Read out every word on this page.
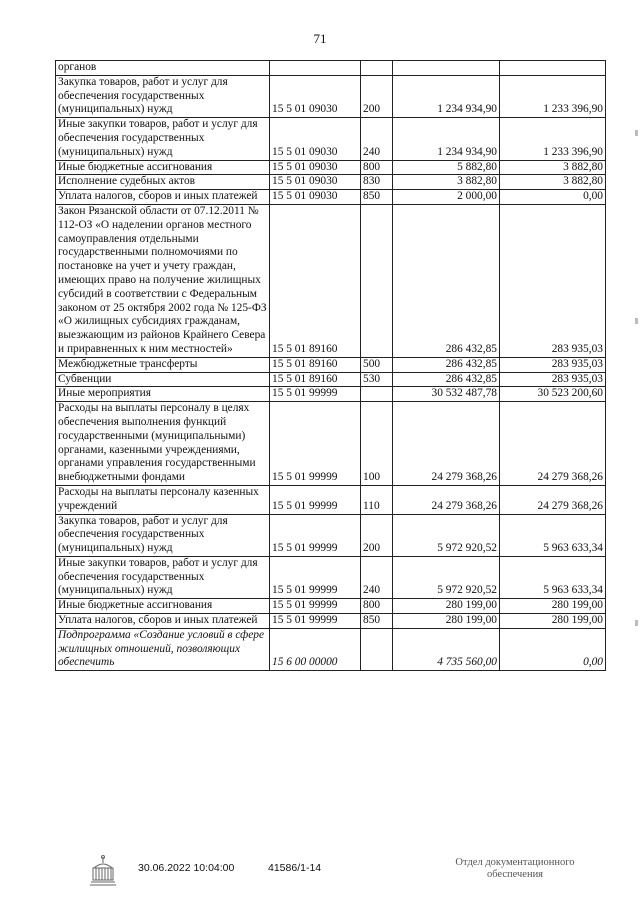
71
органов				
Закупка товаров, работ и услуг для обеспечения государственных (муниципальных) нужд	15 5 01 09030	200	1 234 934,90	1 233 396,90
Иные закупки товаров, работ и услуг для обеспечения государственных (муниципальных) нужд	15 5 01 09030	240	1 234 934,90	1 233 396,90
Иные бюджетные ассигнования	15 5 01 09030	800	5 882,80	3 882,80
Исполнение судебных актов	15 5 01 09030	830	3 882,80	3 882,80
Уплата налогов, сборов и иных платежей	15 5 01 09030	850	2 000,00	0,00
Закон Рязанской области от 07.12.2011 № 112-ОЗ «О наделении органов местного самоуправления отдельными государственными полномочиями по постановке на учет и учету граждан, имеющих право на получение жилищных субсидий в соответствии с Федеральным законом от 25 октября 2002 года № 125-ФЗ «О жилищных субсидиях гражданам, выезжающим из районов Крайнего Севера и приравненных к ним местностей»	15 5 01 89160		286 432,85	283 935,03
Межбюджетные трансферты	15 5 01 89160	500	286 432,85	283 935,03
Субвенции	15 5 01 89160	530	286 432,85	283 935,03
Иные мероприятия	15 5 01 99999		30 532 487,78	30 523 200,60
Расходы на выплаты персоналу в целях обеспечения выполнения функций государственными (муниципальными) органами, казенными учреждениями, органами управления государственными внебюджетными фондами	15 5 01 99999	100	24 279 368,26	24 279 368,26
Расходы на выплаты персоналу казенных учреждений	15 5 01 99999	110	24 279 368,26	24 279 368,26
Закупка товаров, работ и услуг для обеспечения государственных (муниципальных) нужд	15 5 01 99999	200	5 972 920,52	5 963 633,34
Иные закупки товаров, работ и услуг для обеспечения государственных (муниципальных) нужд	15 5 01 99999	240	5 972 920,52	5 963 633,34
Иные бюджетные ассигнования	15 5 01 99999	800	280 199,00	280 199,00
Уплата налогов, сборов и иных платежей	15 5 01 99999	850	280 199,00	280 199,00
Подпрограмма «Создание условий в сфере жилищных отношений, позволяющих обеспечить	15 6 00 00000		4 735 560,00	0,00
30.06.2022 10:04:00	41586/1-14	Отдел документационного обеспечения
